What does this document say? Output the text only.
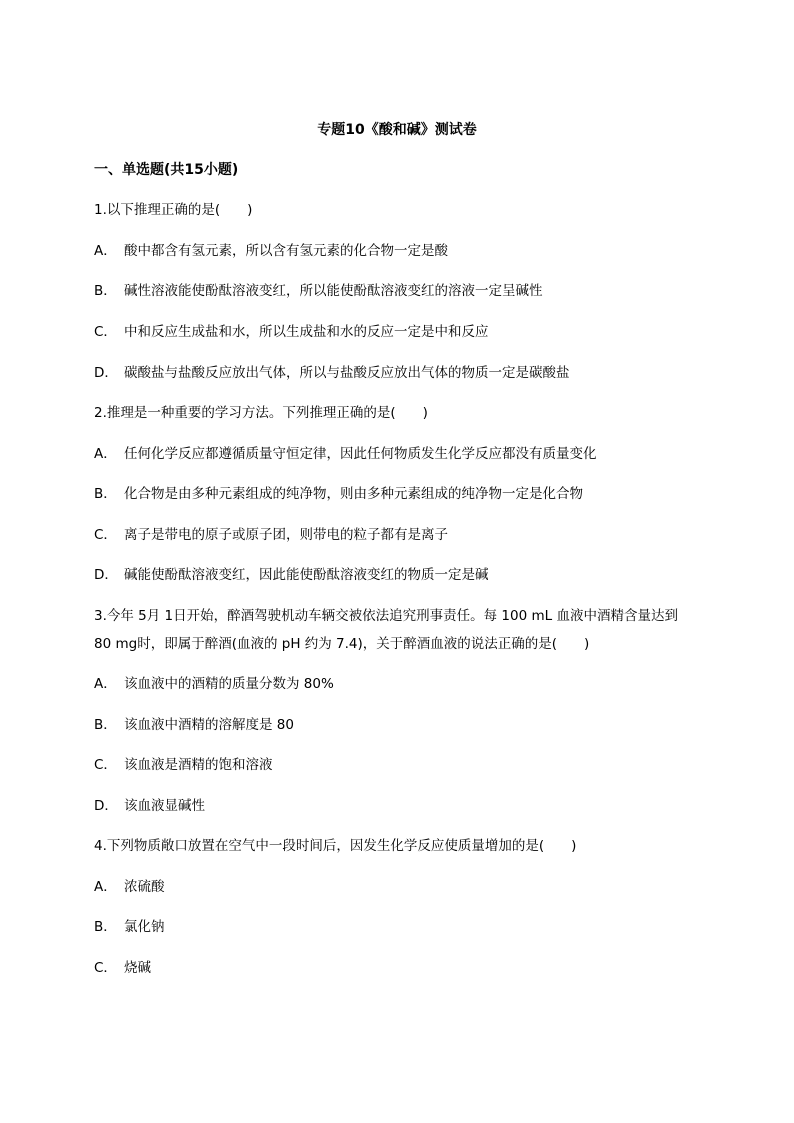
专题10《酸和碱》测试卷
一、单选题(共15小题)
1.以下推理正确的是(　　)
A． 酸中都含有氢元素，所以含有氢元素的化合物一定是酸
B． 碱性溶液能使酚酞溶液变红，所以能使酚酞溶液变红的溶液一定呈碱性
C． 中和反应生成盐和水，所以生成盐和水的反应一定是中和反应
D． 碳酸盐与盐酸反应放出气体，所以与盐酸反应放出气体的物质一定是碳酸盐
2.推理是一种重要的学习方法。下列推理正确的是(　　)
A． 任何化学反应都遵循质量守恒定律，因此任何物质发生化学反应都没有质量变化
B． 化合物是由多种元素组成的纯净物，则由多种元素组成的纯净物一定是化合物
C． 离子是带电的原子或原子团，则带电的粒子都有是离子
D． 碱能使酚酞溶液变红，因此能使酚酞溶液变红的物质一定是碱
3.今年 5月 1日开始，醉酒驾驶机动车辆交被依法追究刑事责任。每 100 mL 血液中酒精含量达到
80 mg时，即属于醉酒(血液的 pH 约为 7.4)，关于醉酒血液的说法正确的是(　　)
A． 该血液中的酒精的质量分数为 80%
B． 该血液中酒精的溶解度是 80
C． 该血液是酒精的饱和溶液
D． 该血液显碱性
4.下列物质敞口放置在空气中一段时间后，因发生化学反应使质量增加的是(　　)
A． 浓硫酸
B． 氯化钠
C． 烧碱
